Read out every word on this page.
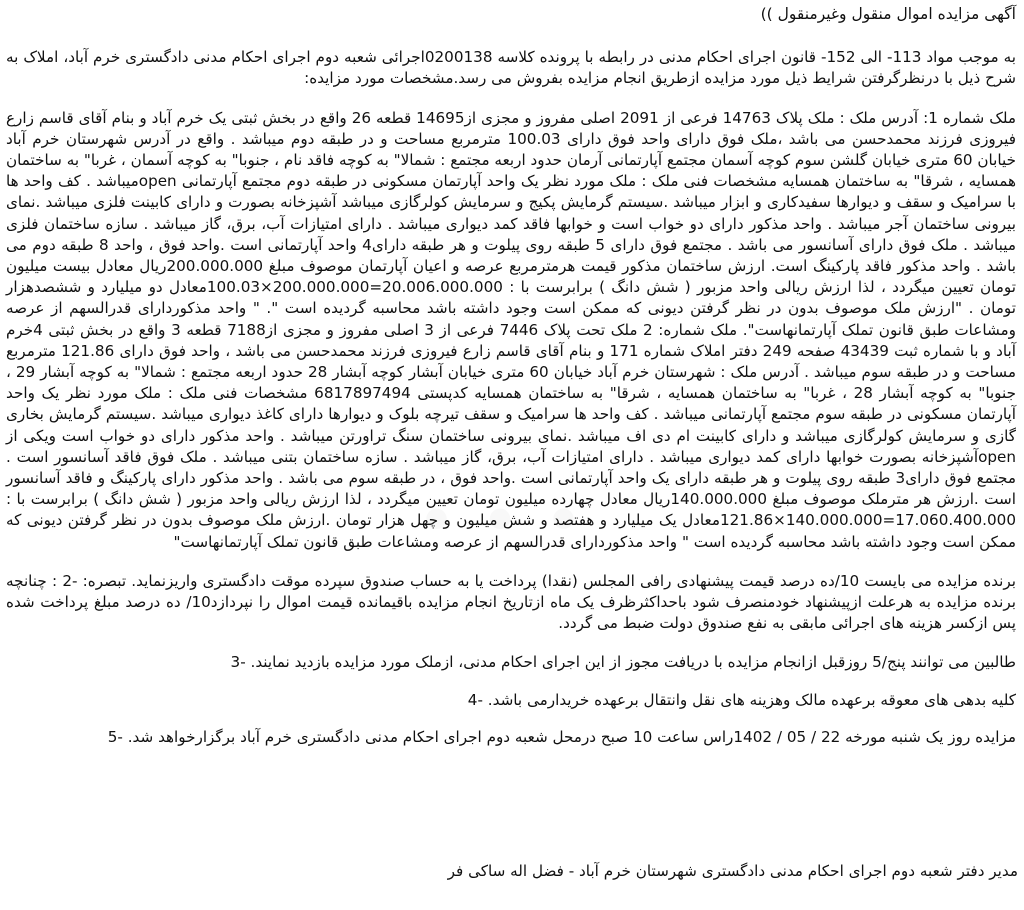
آگهی مزایده اموال منقول وغیرمنقول ))

به موجب مواد 113- الی 152- قانون اجرای احکام مدنی در رابطه با پرونده کلاسه 0200138اجرائی شعبه دوم اجرای احکام مدنی دادگستری خرم آباد، املاک به شرح ذیل با درنظرگرفتن شرایط ذیل مورد مزایده ازطریق انجام مزایده بفروش می رسد.مشخصات مورد مزایده:

ملک شماره 1: آدرس ملک : ملک پلاک 14763 فرعی از 2091 اصلی مفروز و مجزی از14695 قطعه 26 واقع در بخش ثبتی یک خرم آباد و بنام آقای قاسم زارع فیروزی فرزند محمدحسن می باشد ،ملک فوق دارای واحد فوق دارای 100.03 مترمربع مساحت و در طبقه دوم میباشد . واقع در آدرس شهرستان خرم آباد خیابان 60 متری خیابان گلشن سوم کوچه آسمان مجتمع آپارتمانی آرمان حدود اربعه مجتمع : شمالا" به کوچه فاقد نام ، جنوبا" به کوچه آسمان ، غربا" به ساختمان همسایه ، شرقا" به ساختمان همسایه مشخصات فنی ملک : ملک مورد نظر یک واحد آپارتمان مسکونی در طبقه دوم مجتمع آپارتمانی openمیباشد . کف واحد ها با سرامیک و سقف و دیوارها سفیدکاری و ابزار میباشد .سیستم گرمایش پکیج و سرمایش کولرگازی میباشد آشپزخانه بصورت و دارای کابینت فلزی میباشد .نمای بیرونی ساختمان آجر میباشد . واحد مذکور دارای دو خواب است و خوابها فاقد کمد دیواری میباشد . دارای امتیازات آب، برق، گاز میباشد . سازه ساختمان فلزی میباشد . ملک فوق دارای آسانسور می باشد . مجتمع فوق دارای 5 طبقه روی پیلوت و هر طبقه دارای4 واحد آپارتمانی است .واحد فوق ، واحد 8 طبقه دوم می باشد . واحد مذکور فاقد پارکینگ است. ارزش ساختمان مذکور قیمت هرمترمربع عرصه و اعیان آپارتمان موصوف مبلغ 200.000.000ریال معادل بیست میلیون تومان تعیین میگردد ، لذا ارزش ریالی واحد مزبور ( شش دانگ ) برابرست با : 20.006.000.000=200.000.000×100.03معادل دو میلیارد و ششصدهزار تومان . "ارزش ملک موصوف بدون در نظر گرفتن دیونی که ممکن است وجود داشته باشد محاسبه گردیده است ". " واحد مذکوردارای قدرالسهم از عرصه ومشاعات طبق قانون تملک آپارتمانهاست". ملک شماره: 2 ملک تحت پلاک 7446 فرعی از 3 اصلی مفروز و مجزی از7188 قطعه 3 واقع در بخش ثبتی 4خرم آباد و با شماره ثبت 43439 صفحه 249 دفتر املاک شماره 171 و بنام آقای قاسم زارع فیروزی فرزند محمدحسن می باشد ، واحد فوق دارای 121.86 مترمربع مساحت و در طبقه سوم میباشد . آدرس ملک : شهرستان خرم آباد خیابان 60 متری خیابان آبشار کوچه آبشار 28 حدود اربعه مجتمع : شمالا" به کوچه آبشار 29 ، جنوبا" به کوچه آبشار 28 ، غربا" به ساختمان همسایه ، شرقا" به ساختمان همسایه کدپستی 6817897494 مشخصات فنی ملک : ملک مورد نظر یک واحد آپارتمان مسکونی در طبقه سوم مجتمع آپارتمانی میباشد . کف واحد ها سرامیک و سقف تیرچه بلوک و دیوارها دارای کاغذ دیواری میباشد .سیستم گرمایش بخاری گازی و سرمایش کولرگازی میباشد و دارای کابینت ام دی اف میباشد .نمای بیرونی ساختمان سنگ تراورتن میباشد . واحد مذکور دارای دو خواب است ویکی از openآشپزخانه بصورت خوابها دارای کمد دیواری میباشد . دارای امتیازات آب، برق، گاز میباشد . سازه ساختمان بتنی میباشد . ملک فوق فاقد آسانسور است . مجتمع فوق دارای3 طبقه روی پیلوت و هر طبقه دارای یک واحد آپارتمانی است .واحد فوق ، در طبقه سوم می باشد . واحد مذکور دارای پارکینگ و فاقد آسانسور است .ارزش هر مترملک موصوف مبلغ 140.000.000ریال معادل چهارده میلیون تومان تعیین میگردد ، لذا ارزش ریالی واحد مزبور ( شش دانگ ) برابرست با : 17.060.400.000=140.000.000×121.86معادل یک میلیارد و هفتصد و شش میلیون و چهل هزار تومان .ارزش ملک موصوف بدون در نظر گرفتن دیونی که ممکن است وجود داشته باشد محاسبه گردیده است " واحد مذکوردارای قدرالسهم از عرصه ومشاعات طبق قانون تملک آپارتمانهاست"

برنده مزایده می بایست 10/ده درصد قیمت پیشنهادی رافی المجلس (نقدا) پرداخت یا به حساب صندوق سپرده موقت دادگستری واریزنماید. تبصره: -2 : چنانچه برنده مزایده به هرعلت ازپیشنهاد خودمنصرف شود باحداکثرظرف یک ماه ازتاریخ انجام مزایده باقیمانده قیمت اموال را نپردازد10/ ده درصد مبلغ پرداخت شده پس ازکسر هزینه های اجرائی مابقی به نفع صندوق دولت ضبط می گردد.

طالبین می توانند پنج/5 روزقبل ازانجام مزایده با دریافت مجوز از این اجرای احکام مدنی، ازملک مورد مزایده بازدید نمایند. -3

کلیه بدهی های معوقه برعهده مالک وهزینه های نقل وانتقال برعهده خریدارمی باشد. -4

مزایده روز یک شنبه مورخه 22 / 05 / 1402راس ساعت 10 صبح درمحل شعبه دوم اجرای احکام مدنی دادگستری خرم آباد برگزارخواهد شد. -5

مدیر دفتر شعبه دوم اجرای احکام مدنی دادگستری شهرستان خرم آباد - فضل اله ساکی فر

• • •
